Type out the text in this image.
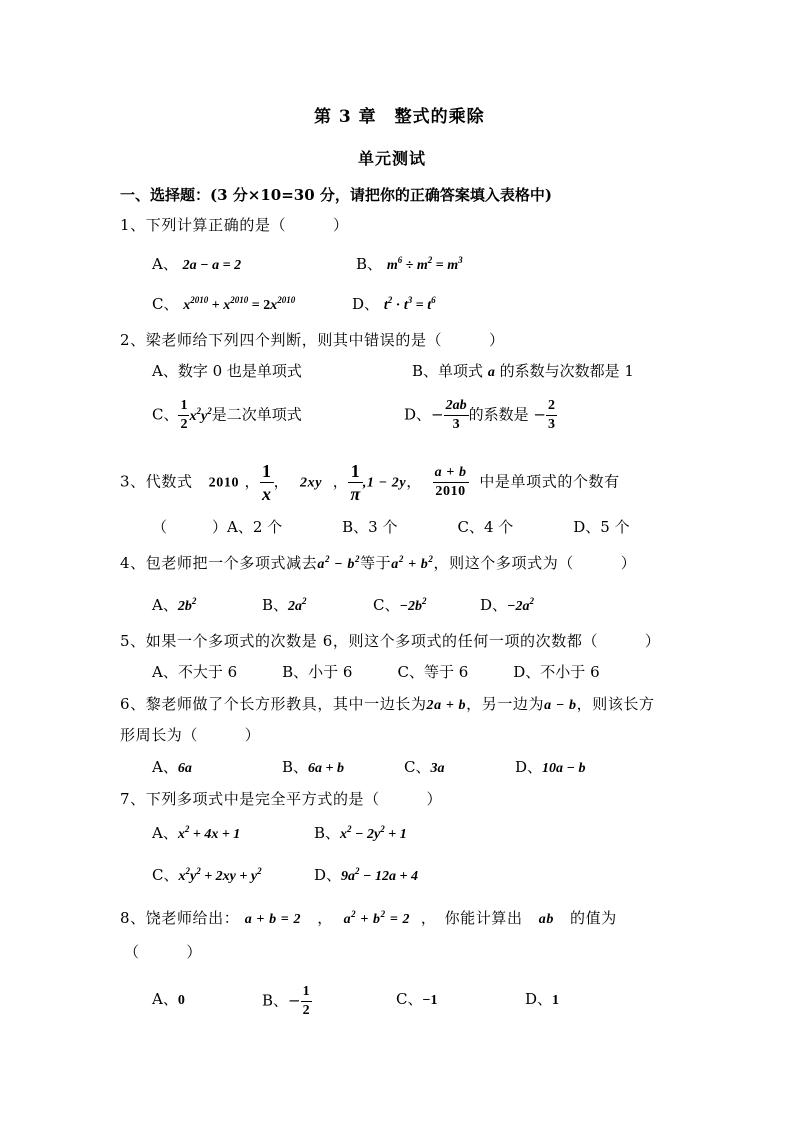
第 3 章　整式的乘除
单元测试
一、选择题：(3 分×10=30 分，请把你的正确答案填入表格中)
1、下列计算正确的是（　　　）
A、 2a − a = 2	B、 $m^6 \div m^2 = m^3$
C、 $x^{2010} + x^{2010} = 2x^{2010}$	D、 $t^2 \cdot t^3 = t^6$
2、梁老师给下列四个判断，则其中错误的是（　　　）
A、数字 0 也是单项式	B、单项式 a 的系数与次数都是 1
C、 $\frac{1}{2} x^2y^2$是二次单项式	D、− $\frac{2ab}{3}$ 的系数是 − $\frac{2}{3}$
3、代数式 2010 ， $\frac{1}{x}$ ， 2xy ， $\frac{1}{\pi} ,1 - 2y$， $\frac{a + b}{2010}$ 中是单项式的个数有
（　　　）A、2 个　　　　B、3 个　　　　C、4 个　　　　D、5 个
4、包老师把一个多项式减去$a^2 - b^2$等于$a^2 + b^2$，则这个多项式为（　　　）
A、$2b^2$	B、$2a^2$	C、$-2b^2$	D、$-2a^2$
5、如果一个多项式的次数是 6，则这个多项式的任何一项的次数都（　　　）
A、不大于 6　　　B、小于 6　　　C、等于 6　　　D、不小于 6
6、黎老师做了个长方形教具，其中一边长为2a + b，另一边为a − b，则该长方
形周长为（　　　）
A、6a	B、6a + b	C、3a	D、10a − b
7、下列多项式中是完全平方式的是（　　　）
A、$x^2 + 4x + 1$	B、$x^2 - 2y^2 + 1$
C、$x^2y^2 + 2xy + y^2$	D、$9a^2 - 12a + 4$
8、饶老师给出： a + b = 2 ， $a^2 + b^2 = 2$ ，　你能计算出 ab 的值为
（　　　）
A、0	B、− $\frac{1}{2}$	C、−1	D、1
